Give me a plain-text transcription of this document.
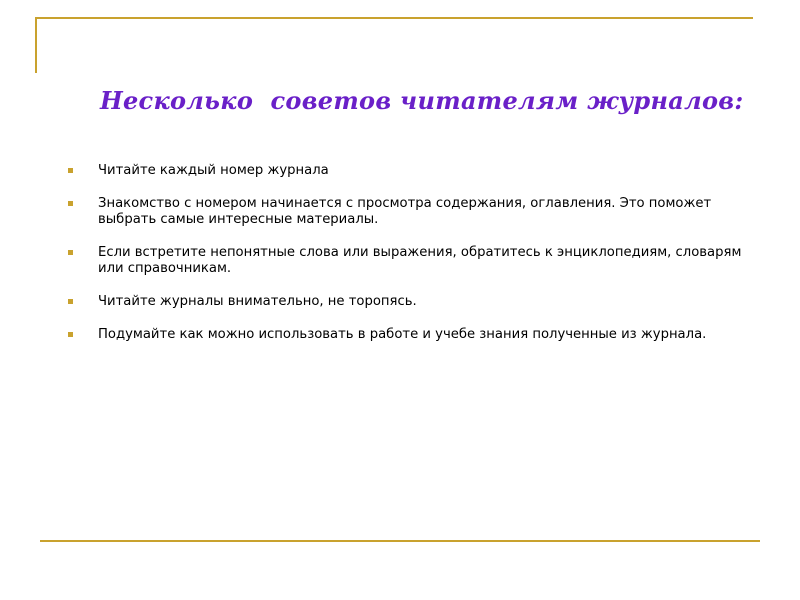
Несколько  советов читателям журналов:
Читайте каждый номер журнала
Знакомство с номером начинается с просмотра содержания, оглавления. Это поможет выбрать самые интересные материалы.
Если встретите непонятные слова или выражения, обратитесь к энциклопедиям, словарям или справочникам.
Читайте журналы внимательно, не торопясь.
Подумайте как можно использовать в работе и учебе знания полученные из журнала.
